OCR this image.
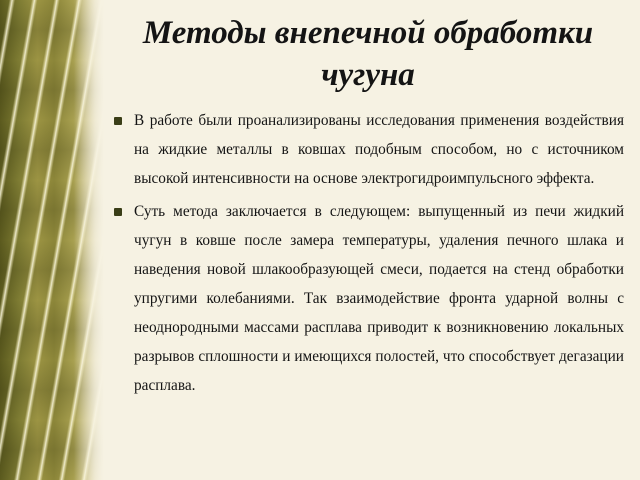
Методы внепечной обработки чугуна
В работе были проанализированы исследования применения воздействия на жидкие металлы в ковшах подобным способом, но с источником высокой интенсивности на основе электрогидроимпульсного эффекта.
Суть метода заключается в следующем: выпущенный из печи жидкий чугун в ковше после замера температуры, удаления печного шлака и наведения новой шлакообразующей смеси, подается на стенд обработки упругими колебаниями. Так взаимодействие фронта ударной волны с неоднородными массами расплава приводит к возникновению локальных разрывов сплошности и имеющихся полостей, что способствует дегазации расплава.
